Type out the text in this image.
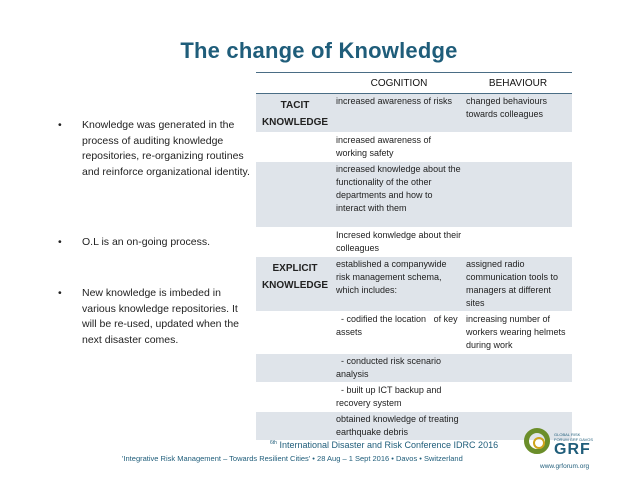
The change of Knowledge
• Knowledge was generated in the process of auditing knowledge repositories, re-organizing routines and reinforce organizational identity.
• O.L is an on-going process.
• New knowledge is imbeded in various knowledge repositories. It will be re-used, updated when the next disaster comes.
	COGNITION	BEHAVIOUR
TACIT KNOWLEDGE	increased awareness of risks	changed behaviours towards colleagues
	increased awareness of working safety	
	increased knowledge about the functionality of the other departments and how to interact with them	
	Incresed konwledge about their colleagues	
EXPLICIT KNOWLEDGE	established a companywide risk management schema, which includes:	assigned radio communication tools to managers at different sites
	- codified the location   of key assets	increasing number of workers wearing helmets during work
	- conducted risk scenario analysis	
	- built up ICT backup and recovery system	
	obtained knowledge of treating earthquake debris	
$^{6th}$ International Disaster and Risk Conference IDRC 2016
'Integrative Risk Management – Towards Resilient Cities' • 28 Aug – 1 Sept 2016 • Davos • Switzerland
GLOBAL RISK FORUM GRF DAVOS
GRF
www.grforum.org
